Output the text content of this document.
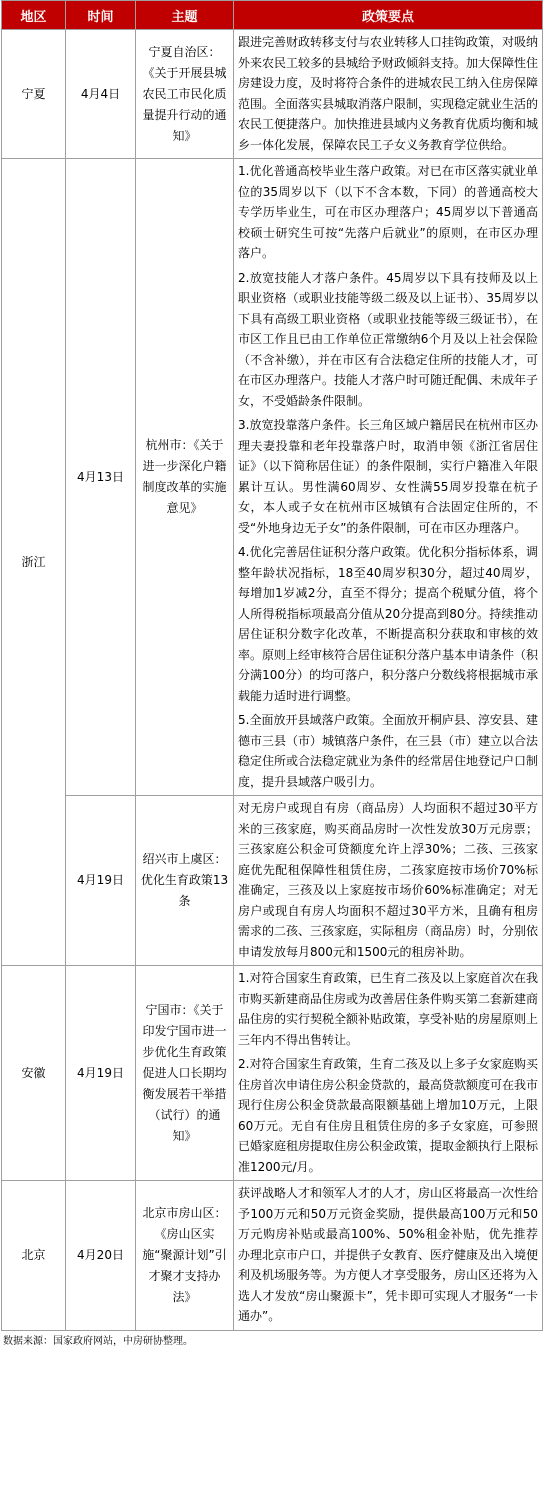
地区	时间	主题	政策要点
宁夏	4月4日	宁夏自治区：《关于开展县城农民工市民化质量提升行动的通知》	跟进完善财政转移支付与农业转移人口挂钩政策，对吸纳外来农民工较多的县城给予财政倾斜支持。加大保障性住房建设力度，及时将符合条件的进城农民工纳入住房保障范围。全面落实县城取消落户限制，实现稳定就业生活的农民工便捷落户。加快推进县域内义务教育优质均衡和城乡一体化发展，保障农民工子女义务教育学位供给。

浙江	4月13日	杭州市：《关于进一步深化户籍制度改革的实施意见》	1.优化普通高校毕业生落户政策。对已在市区落实就业单位的35周岁以下（以下不含本数，下同）的普通高校大专学历毕业生，可在市区办理落户；45周岁以下普通高校硕士研究生可按“先落户后就业”的原则，在市区办理落户。
2.放宽技能人才落户条件。45周岁以下具有技师及以上职业资格（或职业技能等级二级及以上证书）、35周岁以下具有高级工职业资格（或职业技能等级三级证书），在市区工作且已由工作单位正常缴纳6个月及以上社会保险（不含补缴），并在市区有合法稳定住所的技能人才，可在市区办理落户。技能人才落户时可随迁配偶、未成年子女，不受婚龄条件限制。
3.放宽投靠落户条件。长三角区域户籍居民在杭州市区办理夫妻投靠和老年投靠落户时，取消申领《浙江省居住证》（以下简称居住证）的条件限制，实行户籍准入年限累计互认。男性满60周岁、女性满55周岁投靠在杭子女，本人或子女在杭州市区城镇有合法固定住所的，不受“外地身边无子女”的条件限制，可在市区办理落户。
4.优化完善居住证积分落户政策。优化积分指标体系，调整年龄状况指标，18至40周岁积30分，超过40周岁，每增加1岁减2分，直至不得分；提高个税赋分值，将个人所得税指标项最高分值从20分提高到80分。持续推动居住证积分数字化改革，不断提高积分获取和审核的效率。原则上经审核符合居住证积分落户基本申请条件（积分满100分）的均可落户，积分落户分数线将根据城市承载能力适时进行调整。
5.全面放开县域落户政策。全面放开桐庐县、淳安县、建德市三县（市）城镇落户条件，在三县（市）建立以合法稳定住所或合法稳定就业为条件的经常居住地登记户口制度，提升县域落户吸引力。

	4月19日	绍兴市上虞区：优化生育政策13条	对无房户或现自有房（商品房）人均面积不超过30平方米的三孩家庭，购买商品房时一次性发放30万元房票；三孩家庭公积金可贷额度允许上浮30%；二孩、三孩家庭优先配租保障性租赁住房，二孩家庭按市场价70%标准确定，三孩及以上家庭按市场价60%标准确定；对无房户或现自有房人均面积不超过30平方米，且确有租房需求的二孩、三孩家庭，实际租房（商品房）时，分别依申请发放每月800元和1500元的租房补助。

安徽	4月19日	宁国市：《关于印发宁国市进一步优化生育政策促进人口长期均衡发展若干举措（试行）的通知》	1.对符合国家生育政策，已生育二孩及以上家庭首次在我市购买新建商品住房或为改善居住条件购买第二套新建商品住房的实行契税全额补贴政策，享受补贴的房屋原则上三年内不得出售转让。
2.对符合国家生育政策，生育二孩及以上多子女家庭购买住房首次申请住房公积金贷款的，最高贷款额度可在我市现行住房公积金贷款最高限额基础上增加10万元，上限60万元。无自有住房且租赁住房的多子女家庭，可参照已婚家庭租房提取住房公积金政策，提取金额执行上限标准1200元/月。

北京	4月20日	北京市房山区：《房山区实施“聚源计划”引才聚才支持办法》	获评战略人才和领军人才的人才，房山区将最高一次性给予100万元和50万元资金奖励，提供最高100万元和50万元购房补贴或最高100%、50%租金补贴，优先推荐办理北京市户口，并提供子女教育、医疗健康及出入境便利及机场服务等。为方便人才享受服务，房山区还将为入选人才发放“房山聚源卡”，凭卡即可实现人才服务“一卡通办”。
数据来源：国家政府网站，中房研协整理。
